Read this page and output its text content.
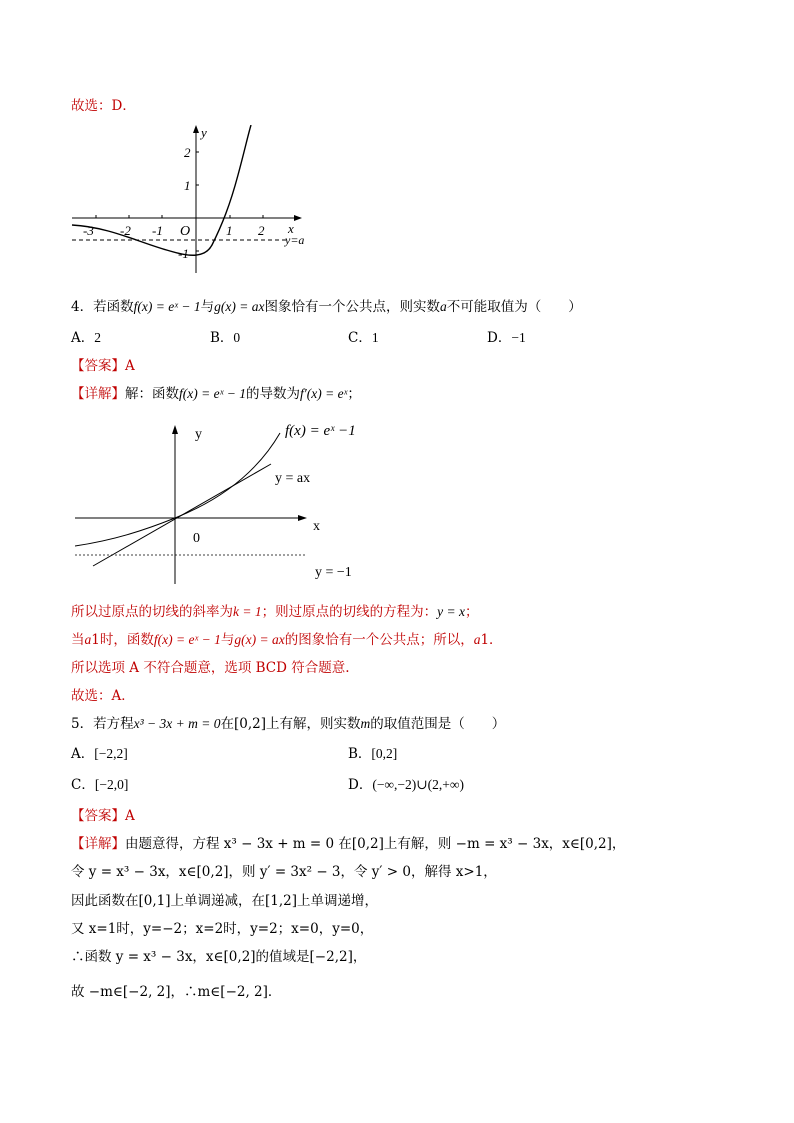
故选：D．
-3 -2 -1	1 2
2
1
-1
O	x
y
y=a
4．若函数f(x) = eˣ − 1与g(x) = ax图象恰有一个公共点，则实数a不可能取值为（　　）
A．2	B．0	C．1	D．−1
【答案】A
【详解】解：函数f(x) = eˣ − 1的导数为f′(x) = eˣ；
y
x
0
f(x) = eˣ −1
y = ax
y = −1
所以过原点的切线的斜率为k = 1；则过原点的切线的方程为：y = x；
当a1时，函数f(x) = eˣ − 1与g(x) = ax的图象恰有一个公共点；所以，a1．
所以选项 A 不符合题意，选项 BCD 符合题意.
故选：A．
5．若方程x³ − 3x + m = 0在[0,2]上有解，则实数m的取值范围是（　　）
A．[−2,2]	B．[0,2]
C．[−2,0]	D．(−∞,−2)∪(2,+∞)
【答案】A
【详解】由题意得，方程 x³ − 3x + m = 0 在[0,2]上有解，则 −m = x³ − 3x，x∈[0,2]，
令 y = x³ − 3x，x∈[0,2]，则 y′ = 3x² − 3，令 y′ > 0，解得 x>1，
因此函数在[0,1]上单调递减，在[1,2]上单调递增，
又 x=1时，y=−2；x=2时，y=2；x=0，y=0，
∴函数 y = x³ − 3x，x∈[0,2]的值域是[−2,2]，
故 −m∈[−2, 2]，∴m∈[−2, 2]．
